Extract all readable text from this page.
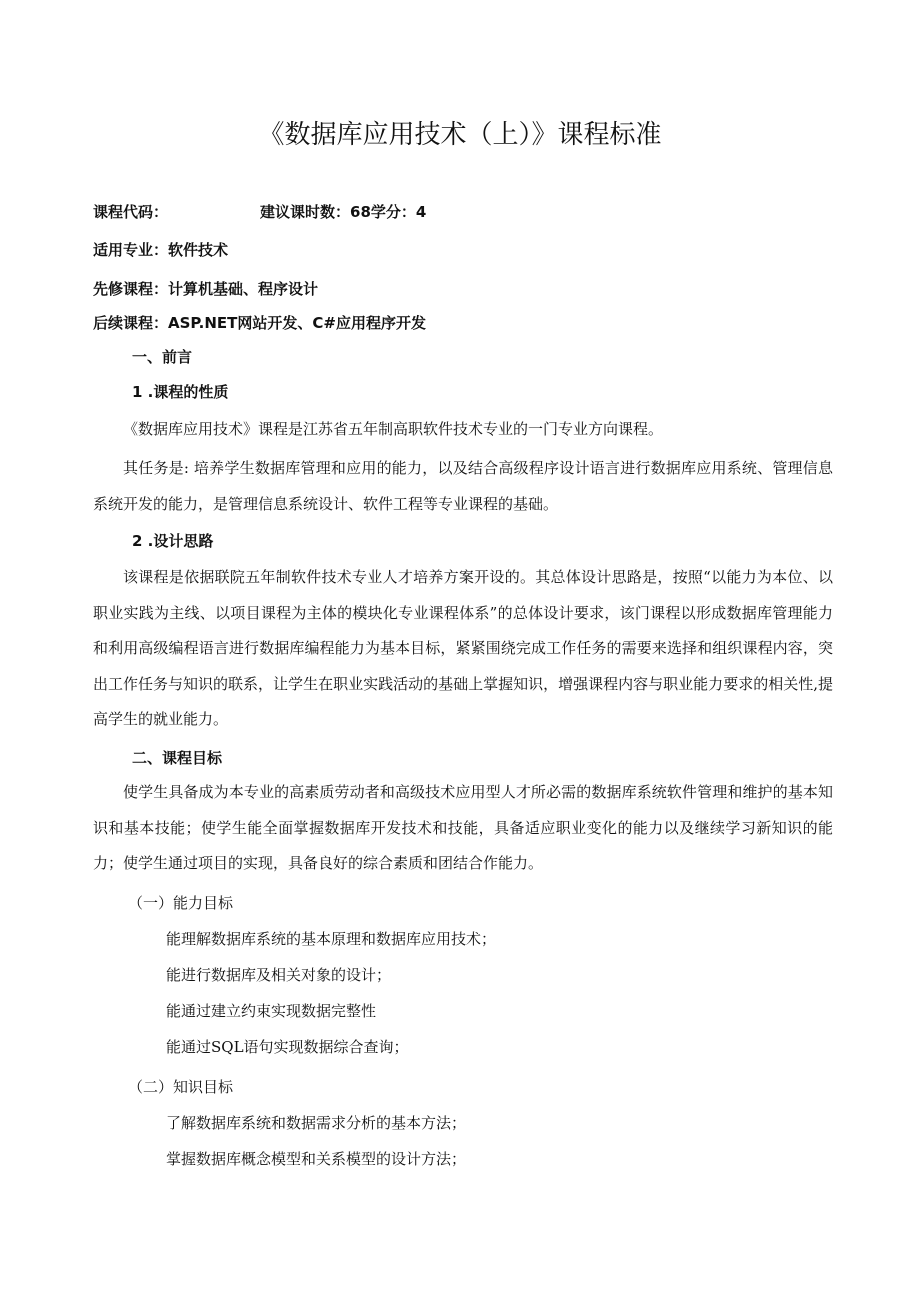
《数据库应用技术（上）》课程标准
课程代码：	建议课时数：68学分：4
适用专业：软件技术
先修课程：计算机基础、程序设计
后续课程：ASP.NET网站开发、C#应用程序开发
一、前言
1 .课程的性质
《数据库应用技术》课程是江苏省五年制高职软件技术专业的一门专业方向课程。
其任务是: 培养学生数据库管理和应用的能力，以及结合高级程序设计语言进行数据库应用系统、管理信息系统开发的能力，是管理信息系统设计、软件工程等专业课程的基础。
2 .设计思路
该课程是依据联院五年制软件技术专业人才培养方案开设的。其总体设计思路是，按照“以能力为本位、以职业实践为主线、以项目课程为主体的模块化专业课程体系”的总体设计要求，该门课程以形成数据库管理能力和利用高级编程语言进行数据库编程能力为基本目标，紧紧围绕完成工作任务的需要来选择和组织课程内容，突出工作任务与知识的联系，让学生在职业实践活动的基础上掌握知识，增强课程内容与职业能力要求的相关性,提高学生的就业能力。
二、课程目标
使学生具备成为本专业的高素质劳动者和高级技术应用型人才所必需的数据库系统软件管理和维护的基本知识和基本技能；使学生能全面掌握数据库开发技术和技能，具备适应职业变化的能力以及继续学习新知识的能力；使学生通过项目的实现，具备良好的综合素质和团结合作能力。
（一）能力目标
能理解数据库系统的基本原理和数据库应用技术；
能进行数据库及相关对象的设计；
能通过建立约束实现数据完整性
能通过SQL语句实现数据综合查询；
（二）知识目标
了解数据库系统和数据需求分析的基本方法；
掌握数据库概念模型和关系模型的设计方法；
